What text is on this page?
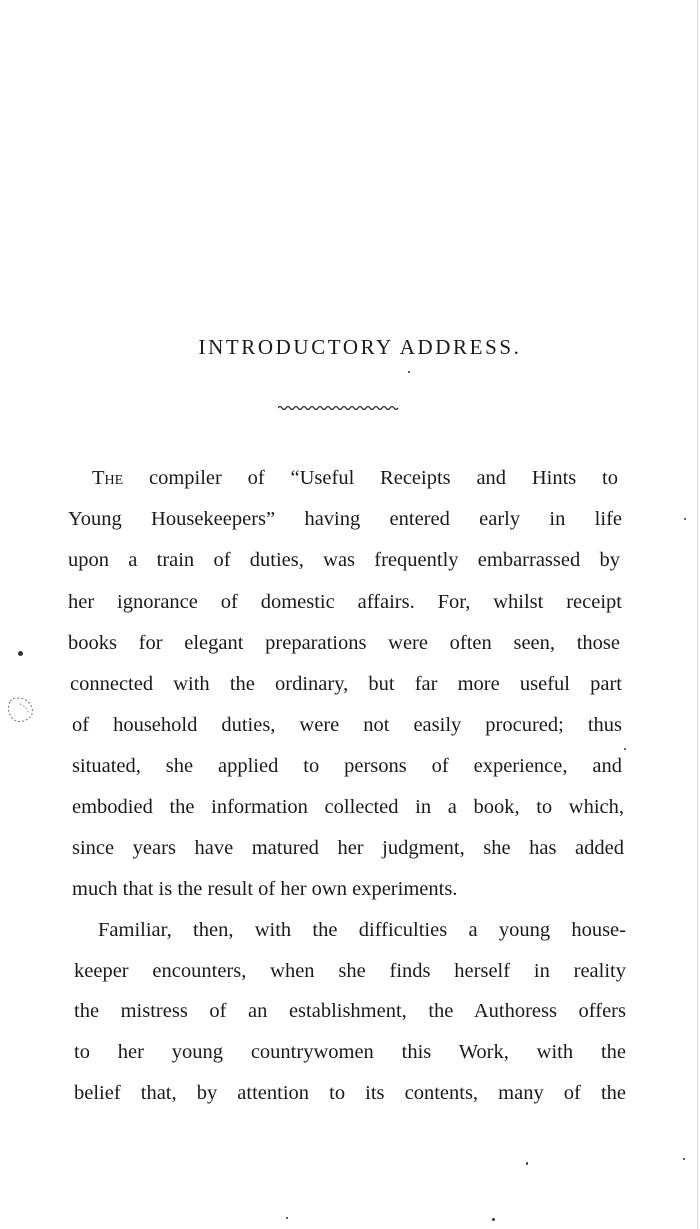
INTRODUCTORY ADDRESS.
The compiler of “Useful Receipts and Hints to
Young Housekeepers” having entered early in life
upon a train of duties, was frequently embarrassed by
her ignorance of domestic affairs. For, whilst receipt
books for elegant preparations were often seen, those
connected with the ordinary, but far more useful part
of household duties, were not easily procured; thus
situated, she applied to persons of experience, and
embodied the information collected in a book, to which,
since years have matured her judgment, she has added
much that is the result of her own experiments.
Familiar, then, with the difficulties a young house-
keeper encounters, when she finds herself in reality
the mistress of an establishment, the Authoress offers
to her young countrywomen this Work, with the
belief that, by attention to its contents, many of the
